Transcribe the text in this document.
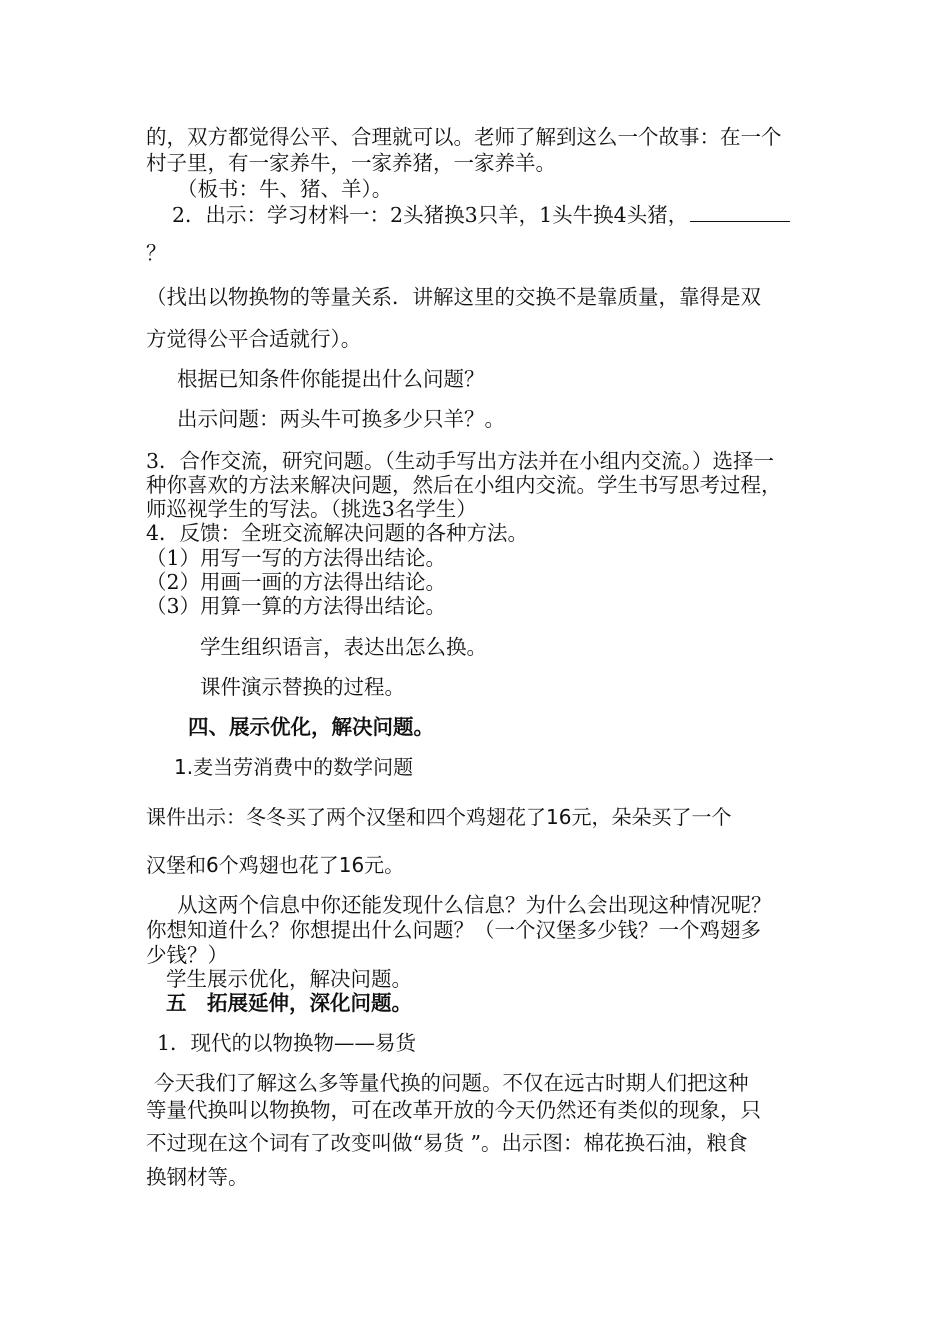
的，双方都觉得公平、合理就可以。老师了解到这么一个故事：在一个
村子里，有一家养牛，一家养猪，一家养羊。
（板书：牛、猪、羊）。
2．出示：学习材料一：2头猪换3只羊，1头牛换4头猪，
？
（找出以物换物的等量关系．讲解这里的交换不是靠质量，靠得是双
方觉得公平合适就行）。
根据已知条件你能提出什么问题？
出示问题：两头牛可换多少只羊？。
3．合作交流，研究问题。（生动手写出方法并在小组内交流。）选择一
种你喜欢的方法来解决问题，然后在小组内交流。学生书写思考过程，
师巡视学生的写法。（挑选3名学生）
4．反馈：全班交流解决问题的各种方法。
（1）用写一写的方法得出结论。
（2）用画一画的方法得出结论。
（3）用算一算的方法得出结论。
学生组织语言，表达出怎么换。
课件演示替换的过程。
四、展示优化，解决问题。
1.麦当劳消费中的数学问题
课件出示：冬冬买了两个汉堡和四个鸡翅花了16元，朵朵买了一个
汉堡和6个鸡翅也花了16元。
从这两个信息中你还能发现什么信息？为什么会出现这种情况呢？
你想知道什么？你想提出什么问题？（一个汉堡多少钱？一个鸡翅多
少钱？）
学生展示优化，解决问题。
五　拓展延伸，深化问题。
1．现代的以物换物——易货
今天我们了解这么多等量代换的问题。不仅在远古时期人们把这种
等量代换叫以物换物，可在改革开放的今天仍然还有类似的现象，只
不过现在这个词有了改变叫做“易货 ”。出示图：棉花换石油，粮食
换钢材等。
